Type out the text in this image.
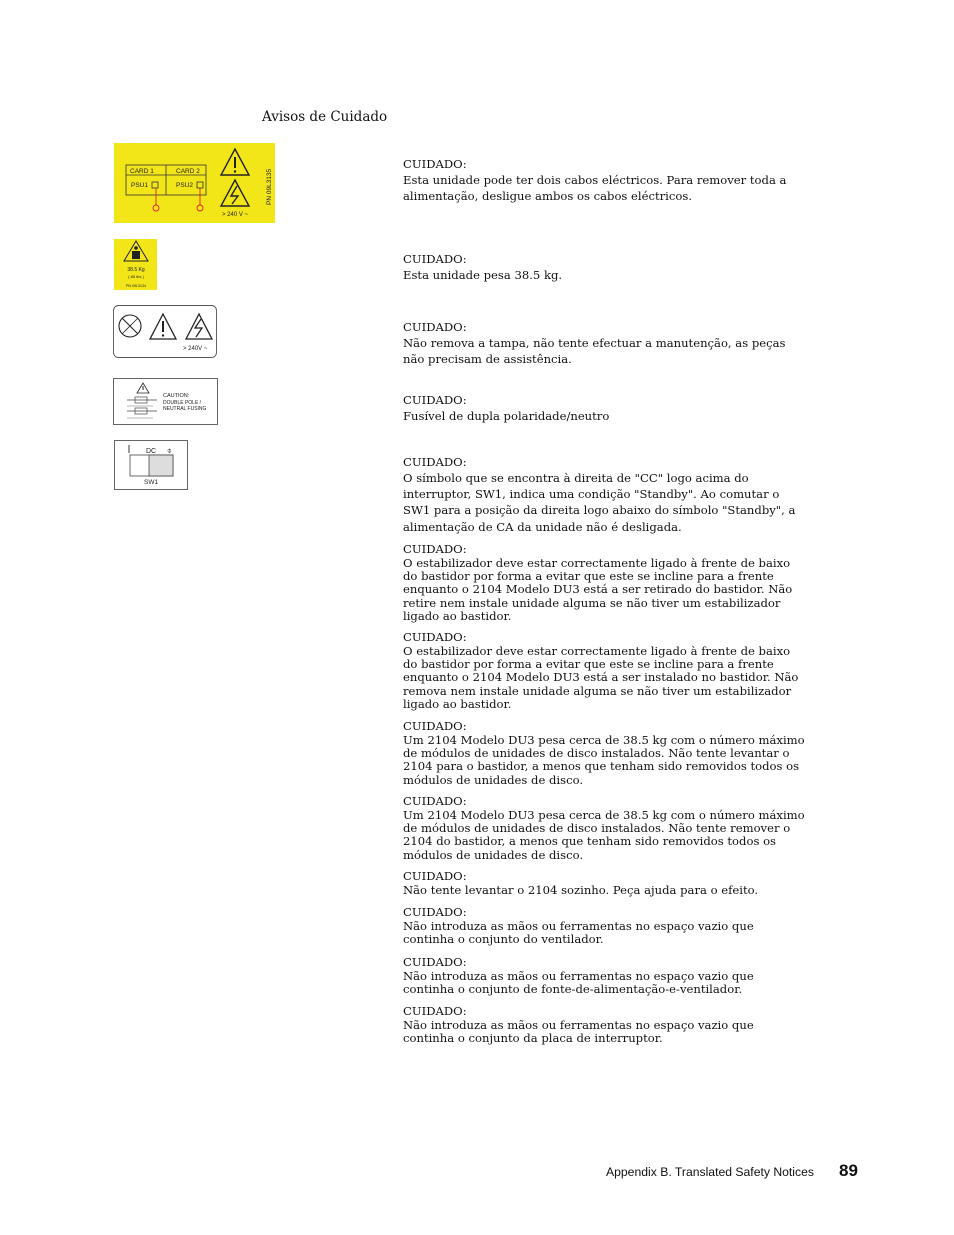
Avisos de Cuidado
CARD 1	CARD 2
PSU1	PSU2
> 240 V ~
PN 09L3135
38.5 Kg
( 85 lbs )
PN 09L3134
> 240V ~
CAUTION:
DOUBLE POLE /
NEUTRAL FUSING
DC ⌽
SW1
CUIDADO:
Esta unidade pode ter dois cabos eléctricos. Para remover toda a alimentação, desligue ambos os cabos eléctricos.
CUIDADO:
Esta unidade pesa 38.5 kg.
CUIDADO:
Não remova a tampa, não tente efectuar a manutenção, as peças não precisam de assistência.
CUIDADO:
Fusível de dupla polaridade/neutro
CUIDADO:
O símbolo que se encontra à direita de "CC" logo acima do interruptor, SW1, indica uma condição "Standby". Ao comutar o SW1 para a posição da direita logo abaixo do símbolo "Standby", a alimentação de CA da unidade não é desligada.
CUIDADO:
O estabilizador deve estar correctamente ligado à frente de baixo do bastidor por forma a evitar que este se incline para a frente enquanto o 2104 Modelo DU3 está a ser retirado do bastidor. Não retire nem instale unidade alguma se não tiver um estabilizador ligado ao bastidor.
CUIDADO:
O estabilizador deve estar correctamente ligado à frente de baixo do bastidor por forma a evitar que este se incline para a frente enquanto o 2104 Modelo DU3 está a ser instalado no bastidor. Não remova nem instale unidade alguma se não tiver um estabilizador ligado ao bastidor.
CUIDADO:
Um 2104 Modelo DU3 pesa cerca de 38.5 kg com o número máximo de módulos de unidades de disco instalados. Não tente levantar o 2104 para o bastidor, a menos que tenham sido removidos todos os módulos de unidades de disco.
CUIDADO:
Um 2104 Modelo DU3 pesa cerca de 38.5 kg com o número máximo de módulos de unidades de disco instalados. Não tente remover o 2104 do bastidor, a menos que tenham sido removidos todos os módulos de unidades de disco.
CUIDADO:
Não tente levantar o 2104 sozinho. Peça ajuda para o efeito.
CUIDADO:
Não introduza as mãos ou ferramentas no espaço vazio que continha o conjunto do ventilador.
CUIDADO:
Não introduza as mãos ou ferramentas no espaço vazio que continha o conjunto de fonte-de-alimentação-e-ventilador.
CUIDADO:
Não introduza as mãos ou ferramentas no espaço vazio que continha o conjunto da placa de interruptor.
Appendix B. Translated Safety Notices 89
